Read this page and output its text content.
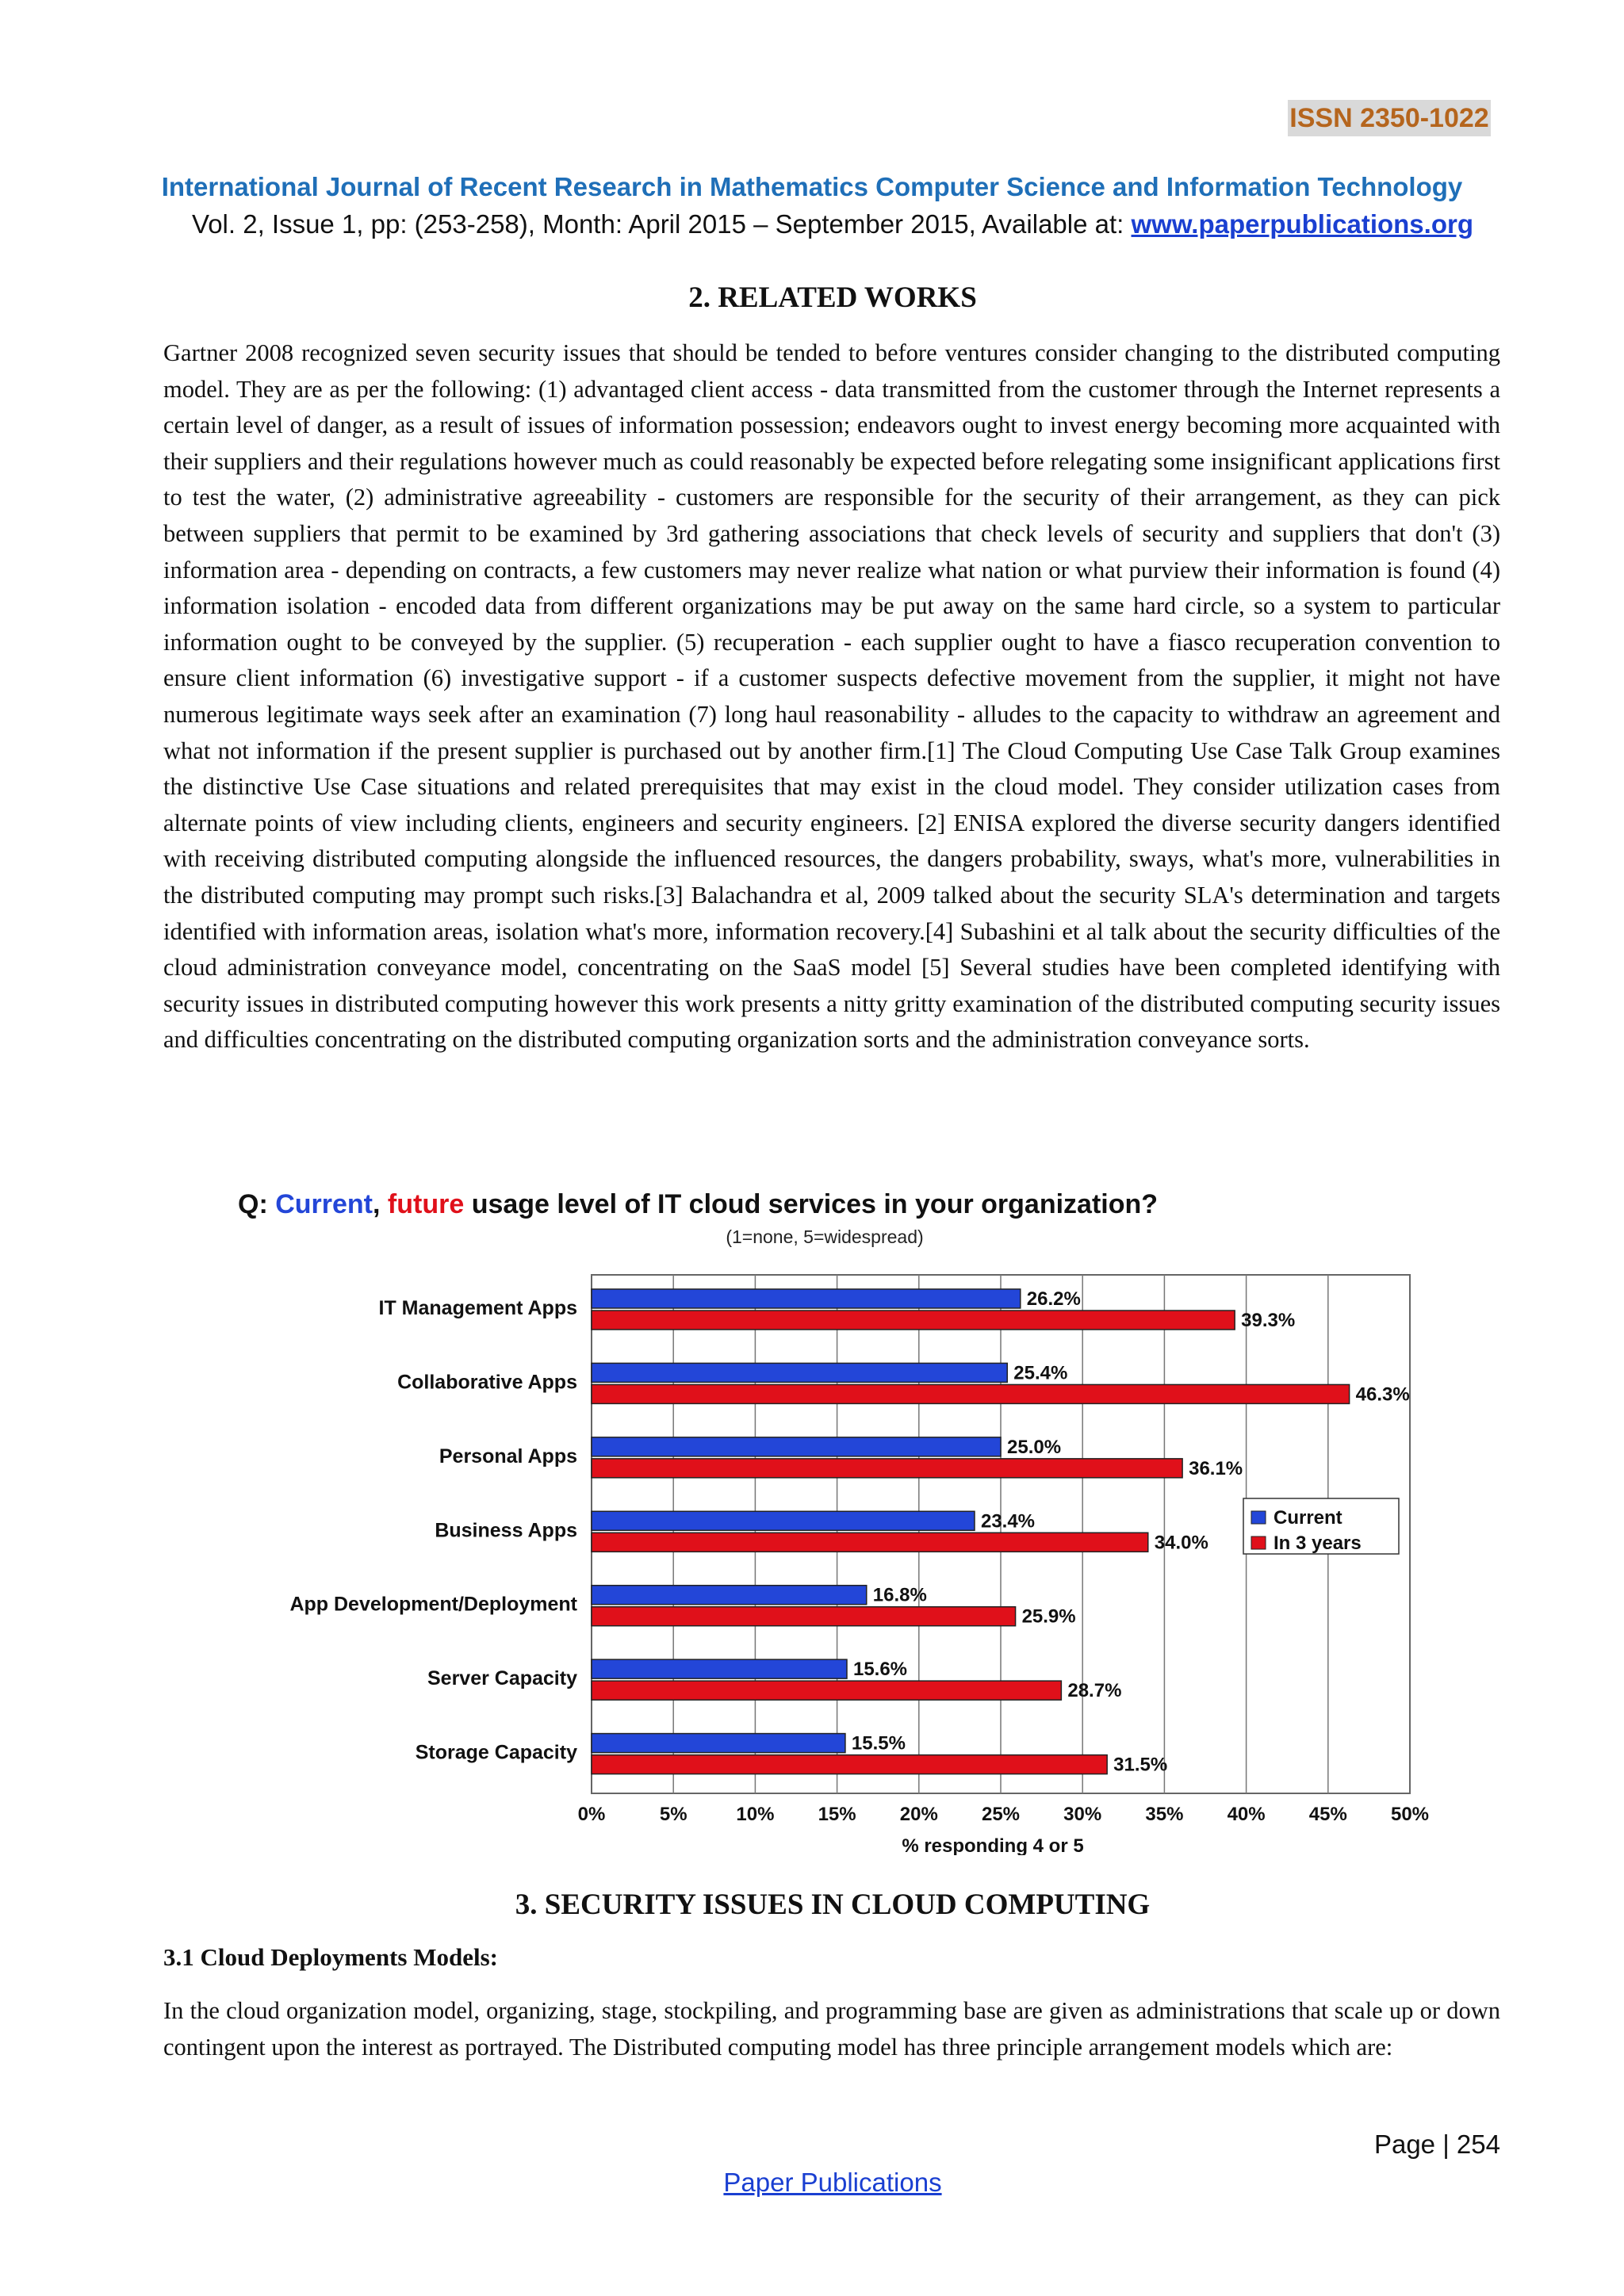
ISSN 2350-1022
International Journal of Recent Research in Mathematics Computer Science and Information Technology
Vol. 2, Issue 1, pp: (253-258), Month: April 2015 – September 2015, Available at: www.paperpublications.org
2. RELATED WORKS
Gartner 2008 recognized seven security issues that should be tended to before ventures consider changing to the distributed computing model. They are as per the following: (1) advantaged client access - data transmitted from the customer through the Internet represents a certain level of danger, as a result of issues of information possession; endeavors ought to invest energy becoming more acquainted with their suppliers and their regulations however much as could reasonably be expected before relegating some insignificant applications first to test the water, (2) administrative agreeability - customers are responsible for the security of their arrangement, as they can pick between suppliers that permit to be examined by 3rd gathering associations that check levels of security and suppliers that don't (3) information area - depending on contracts, a few customers may never realize what nation or what purview their information is found (4) information isolation - encoded data from different organizations may be put away on the same hard circle, so a system to particular information ought to be conveyed by the supplier. (5) recuperation - each supplier ought to have a fiasco recuperation convention to ensure client information (6) investigative support - if a customer suspects defective movement from the supplier, it might not have numerous legitimate ways seek after an examination (7) long haul reasonability - alludes to the capacity to withdraw an agreement and what not information if the present supplier is purchased out by another firm.[1] The Cloud Computing Use Case Talk Group examines the distinctive Use Case situations and related prerequisites that may exist in the cloud model. They consider utilization cases from alternate points of view including clients, engineers and security engineers. [2] ENISA explored the diverse security dangers identified with receiving distributed computing alongside the influenced resources, the dangers probability, sways, what's more, vulnerabilities in the distributed computing may prompt such risks.[3] Balachandra et al, 2009 talked about the security SLA's determination and targets identified with information areas, isolation what's more, information recovery.[4] Subashini et al talk about the security difficulties of the cloud administration conveyance model, concentrating on the SaaS model [5] Several studies have been completed identifying with security issues in distributed computing however this work presents a nitty gritty examination of the distributed computing security issues and difficulties concentrating on the distributed computing organization sorts and the administration conveyance sorts.
Q: Current, future usage level of IT cloud services in your organization?
(1=none, 5=widespread)
0%	5%	10% 15% 20% 25% 30% 35% 40% 45% 50%
% responding 4 or 5
IT Management Apps	26.2%
39.3%
Collaborative Apps	25.4%
46.3%
Personal Apps	25.0%
36.1%
Business Apps	23.4%
34.0%
App Development/Deployment	16.8%
25.9%
Server Capacity	15.6%
28.7%
Storage Capacity	15.5%
31.5%
Current
In 3 years
3. SECURITY ISSUES IN CLOUD COMPUTING
3.1 Cloud Deployments Models:
In the cloud organization model, organizing, stage, stockpiling, and programming base are given as administrations that scale up or down contingent upon the interest as portrayed. The Distributed computing model has three principle arrangement models which are:
Page | 254
Paper Publications
